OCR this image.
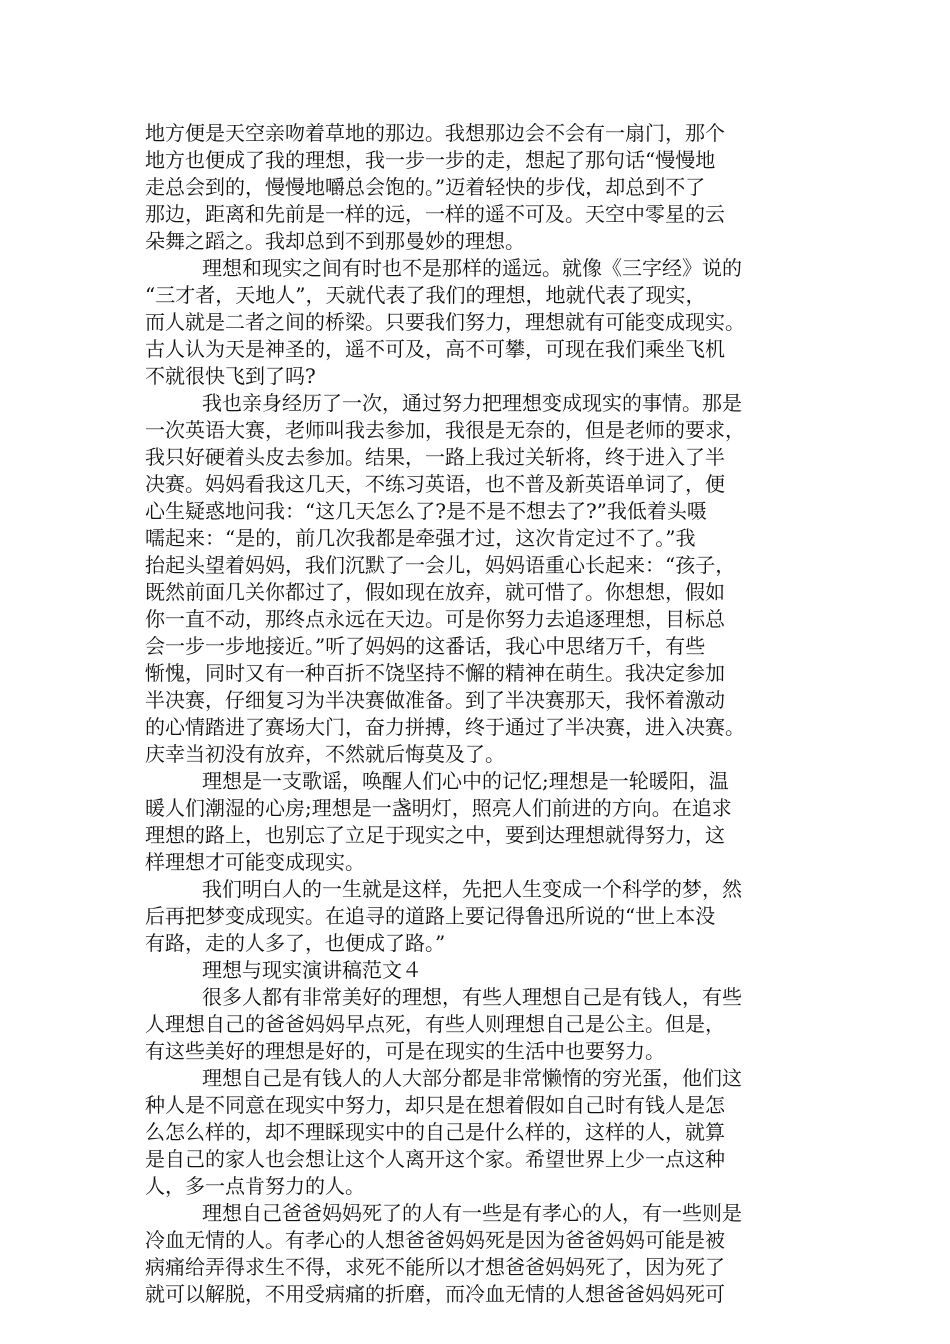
地方便是天空亲吻着草地的那边。我想那边会不会有一扇门，那个
地方也便成了我的理想，我一步一步的走，想起了那句话“慢慢地
走总会到的，慢慢地嚼总会饱的。”迈着轻快的步伐，却总到不了
那边，距离和先前是一样的远，一样的遥不可及。天空中零星的云
朵舞之蹈之。我却总到不到那曼妙的理想。
理想和现实之间有时也不是那样的遥远。就像《三字经》说的
“三才者，天地人”，天就代表了我们的理想，地就代表了现实，
而人就是二者之间的桥梁。只要我们努力，理想就有可能变成现实。
古人认为天是神圣的，遥不可及，高不可攀，可现在我们乘坐飞机
不就很快飞到了吗?
我也亲身经历了一次，通过努力把理想变成现实的事情。那是
一次英语大赛，老师叫我去参加，我很是无奈的，但是老师的要求，
我只好硬着头皮去参加。结果，一路上我过关斩将，终于进入了半
决赛。妈妈看我这几天，不练习英语，也不普及新英语单词了，便
心生疑惑地问我：“这几天怎么了?是不是不想去了?”我低着头嗫
嚅起来：“是的，前几次我都是牵强才过，这次肯定过不了。”我
抬起头望着妈妈，我们沉默了一会儿，妈妈语重心长起来：“孩子，
既然前面几关你都过了，假如现在放弃，就可惜了。你想想，假如
你一直不动，那终点永远在天边。可是你努力去追逐理想，目标总
会一步一步地接近。”听了妈妈的这番话，我心中思绪万千，有些
惭愧，同时又有一种百折不饶坚持不懈的精神在萌生。我决定参加
半决赛，仔细复习为半决赛做准备。到了半决赛那天，我怀着激动
的心情踏进了赛场大门，奋力拼搏，终于通过了半决赛，进入决赛。
庆幸当初没有放弃，不然就后悔莫及了。
理想是一支歌谣，唤醒人们心中的记忆;理想是一轮暖阳，温
暖人们潮湿的心房;理想是一盏明灯，照亮人们前进的方向。在追求
理想的路上，也别忘了立足于现实之中，要到达理想就得努力，这
样理想才可能变成现实。
我们明白人的一生就是这样，先把人生变成一个科学的梦，然
后再把梦变成现实。在追寻的道路上要记得鲁迅所说的“世上本没
有路，走的人多了，也便成了路。”
理想与现实演讲稿范文４
很多人都有非常美好的理想，有些人理想自己是有钱人，有些
人理想自己的爸爸妈妈早点死，有些人则理想自己是公主。但是，
有这些美好的理想是好的，可是在现实的生活中也要努力。
理想自己是有钱人的人大部分都是非常懒惰的穷光蛋，他们这
种人是不同意在现实中努力，却只是在想着假如自己时有钱人是怎
么怎么样的，却不理睬现实中的自己是什么样的，这样的人，就算
是自己的家人也会想让这个人离开这个家。希望世界上少一点这种
人，多一点肯努力的人。
理想自己爸爸妈妈死了的人有一些是有孝心的人，有一些则是
冷血无情的人。有孝心的人想爸爸妈妈死是因为爸爸妈妈可能是被
病痛给弄得求生不得，求死不能所以才想爸爸妈妈死了，因为死了
就可以解脱，不用受病痛的折磨，而冷血无情的人想爸爸妈妈死可
